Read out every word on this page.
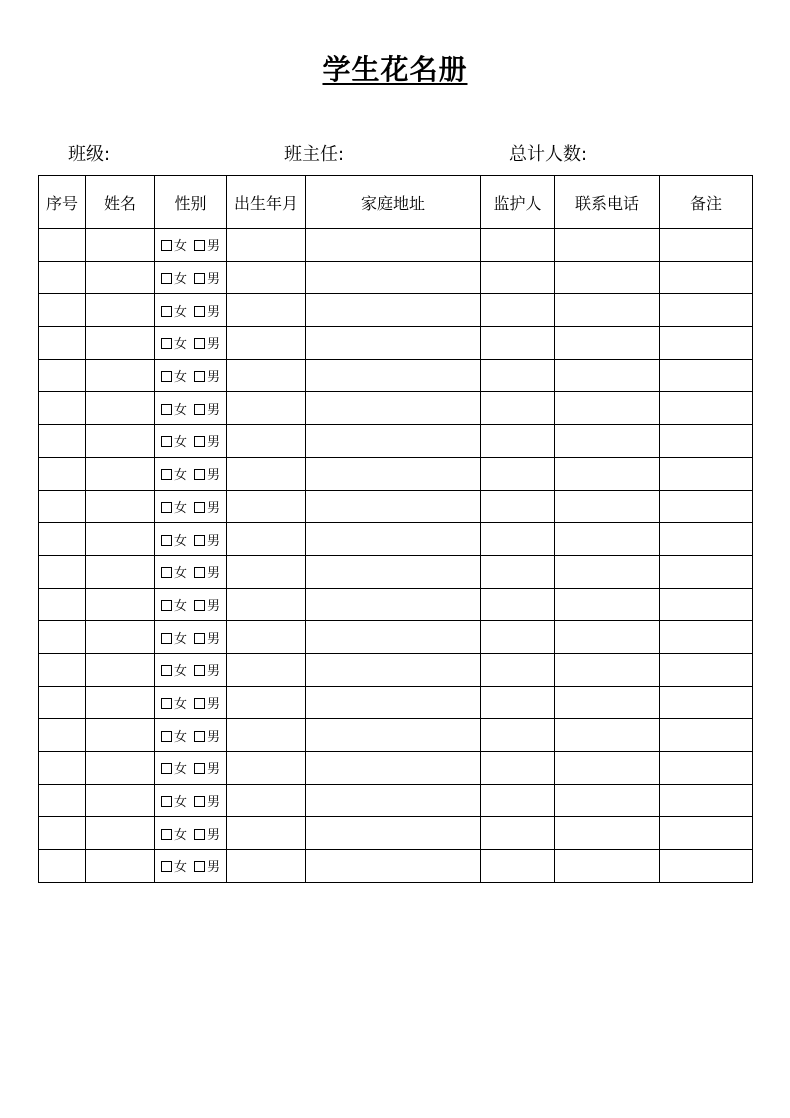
学生花名册
班级:	班主任:	总计人数:
序号	姓名	性别	出生年月	家庭地址	监护人	联系电话	备注
		女 男					
		女 男					
		女 男					
		女 男					
		女 男					
		女 男					
		女 男					
		女 男					
		女 男					
		女 男					
		女 男					
		女 男					
		女 男					
		女 男					
		女 男					
		女 男					
		女 男					
		女 男					
		女 男					
		女 男					
